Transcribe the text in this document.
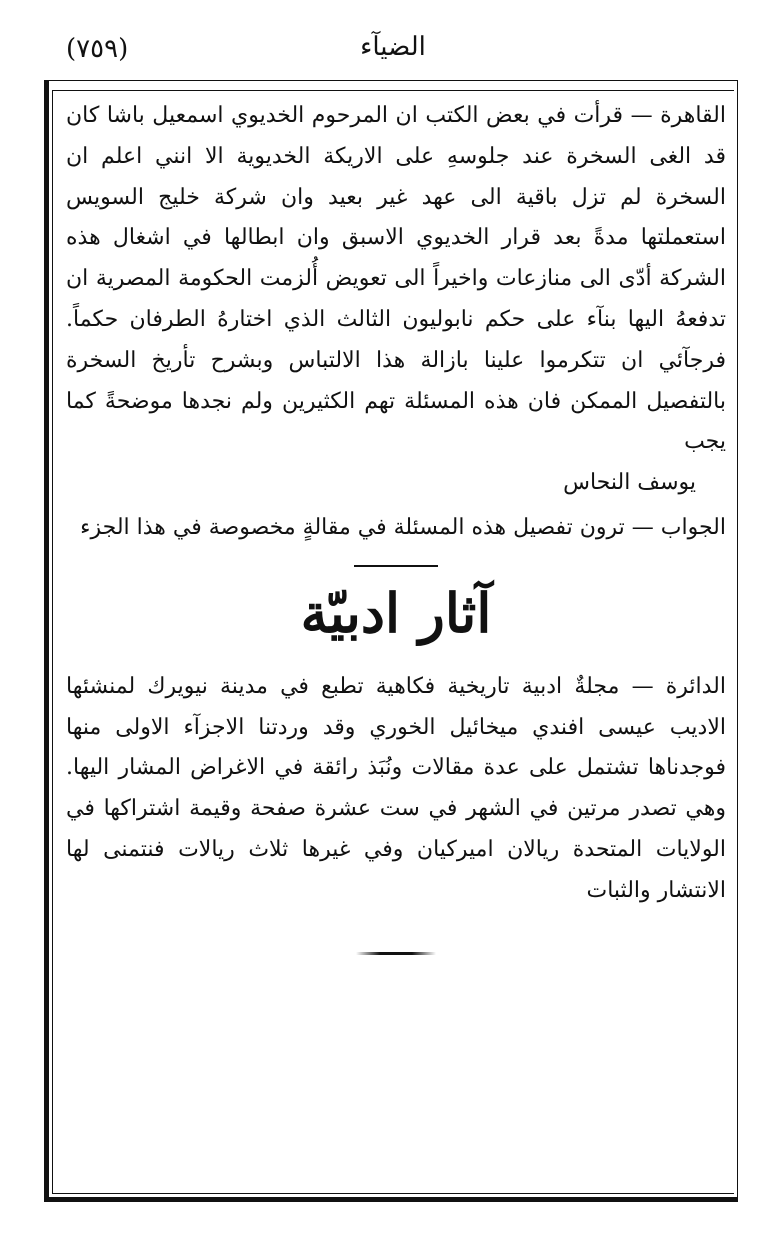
(٧٥٩)	الضيآء

القاهرة — قرأت في بعض الكتب ان المرحوم الخديوي اسمعيل باشا كان قد الغى السخرة عند جلوسهِ على الاريكة الخديوية الا انني اعلم ان السخرة لم تزل باقية الى عهد غير بعيد وان شركة خليج السويس استعملتها مدةً بعد قرار الخديوي الاسبق وان ابطالها في اشغال هذه الشركة أدّى الى منازعات واخيراً الى تعويض أُلزمت الحكومة المصرية ان تدفعهُ اليها بنآء على حكم نابوليون الثالث الذي اختارهُ الطرفان حكماً. فرجآئي ان تتكرموا علينا بازالة هذا الالتباس وبشرح تأريخ السخرة بالتفصيل الممكن فان هذه المسئلة تهم الكثيرين ولم نجدها موضحةً كما يجب

يوسف النحاس

الجواب — ترون تفصيل هذه المسئلة في مقالةٍ مخصوصة في هذا الجزء

آثار ادبيّة

الدائرة — مجلةٌ ادبية تاريخية فكاهية تطبع في مدينة نيويرك لمنشئها الاديب عيسى افندي ميخائيل الخوري وقد وردتنا الاجزآء الاولى منها فوجدناها تشتمل على عدة مقالات ونُبَذ رائقة في الاغراض المشار اليها. وهي تصدر مرتين في الشهر في ست عشرة صفحة وقيمة اشتراكها في الولايات المتحدة ريالان اميركيان وفي غيرها ثلاث ريالات فنتمنى لها الانتشار والثبات
